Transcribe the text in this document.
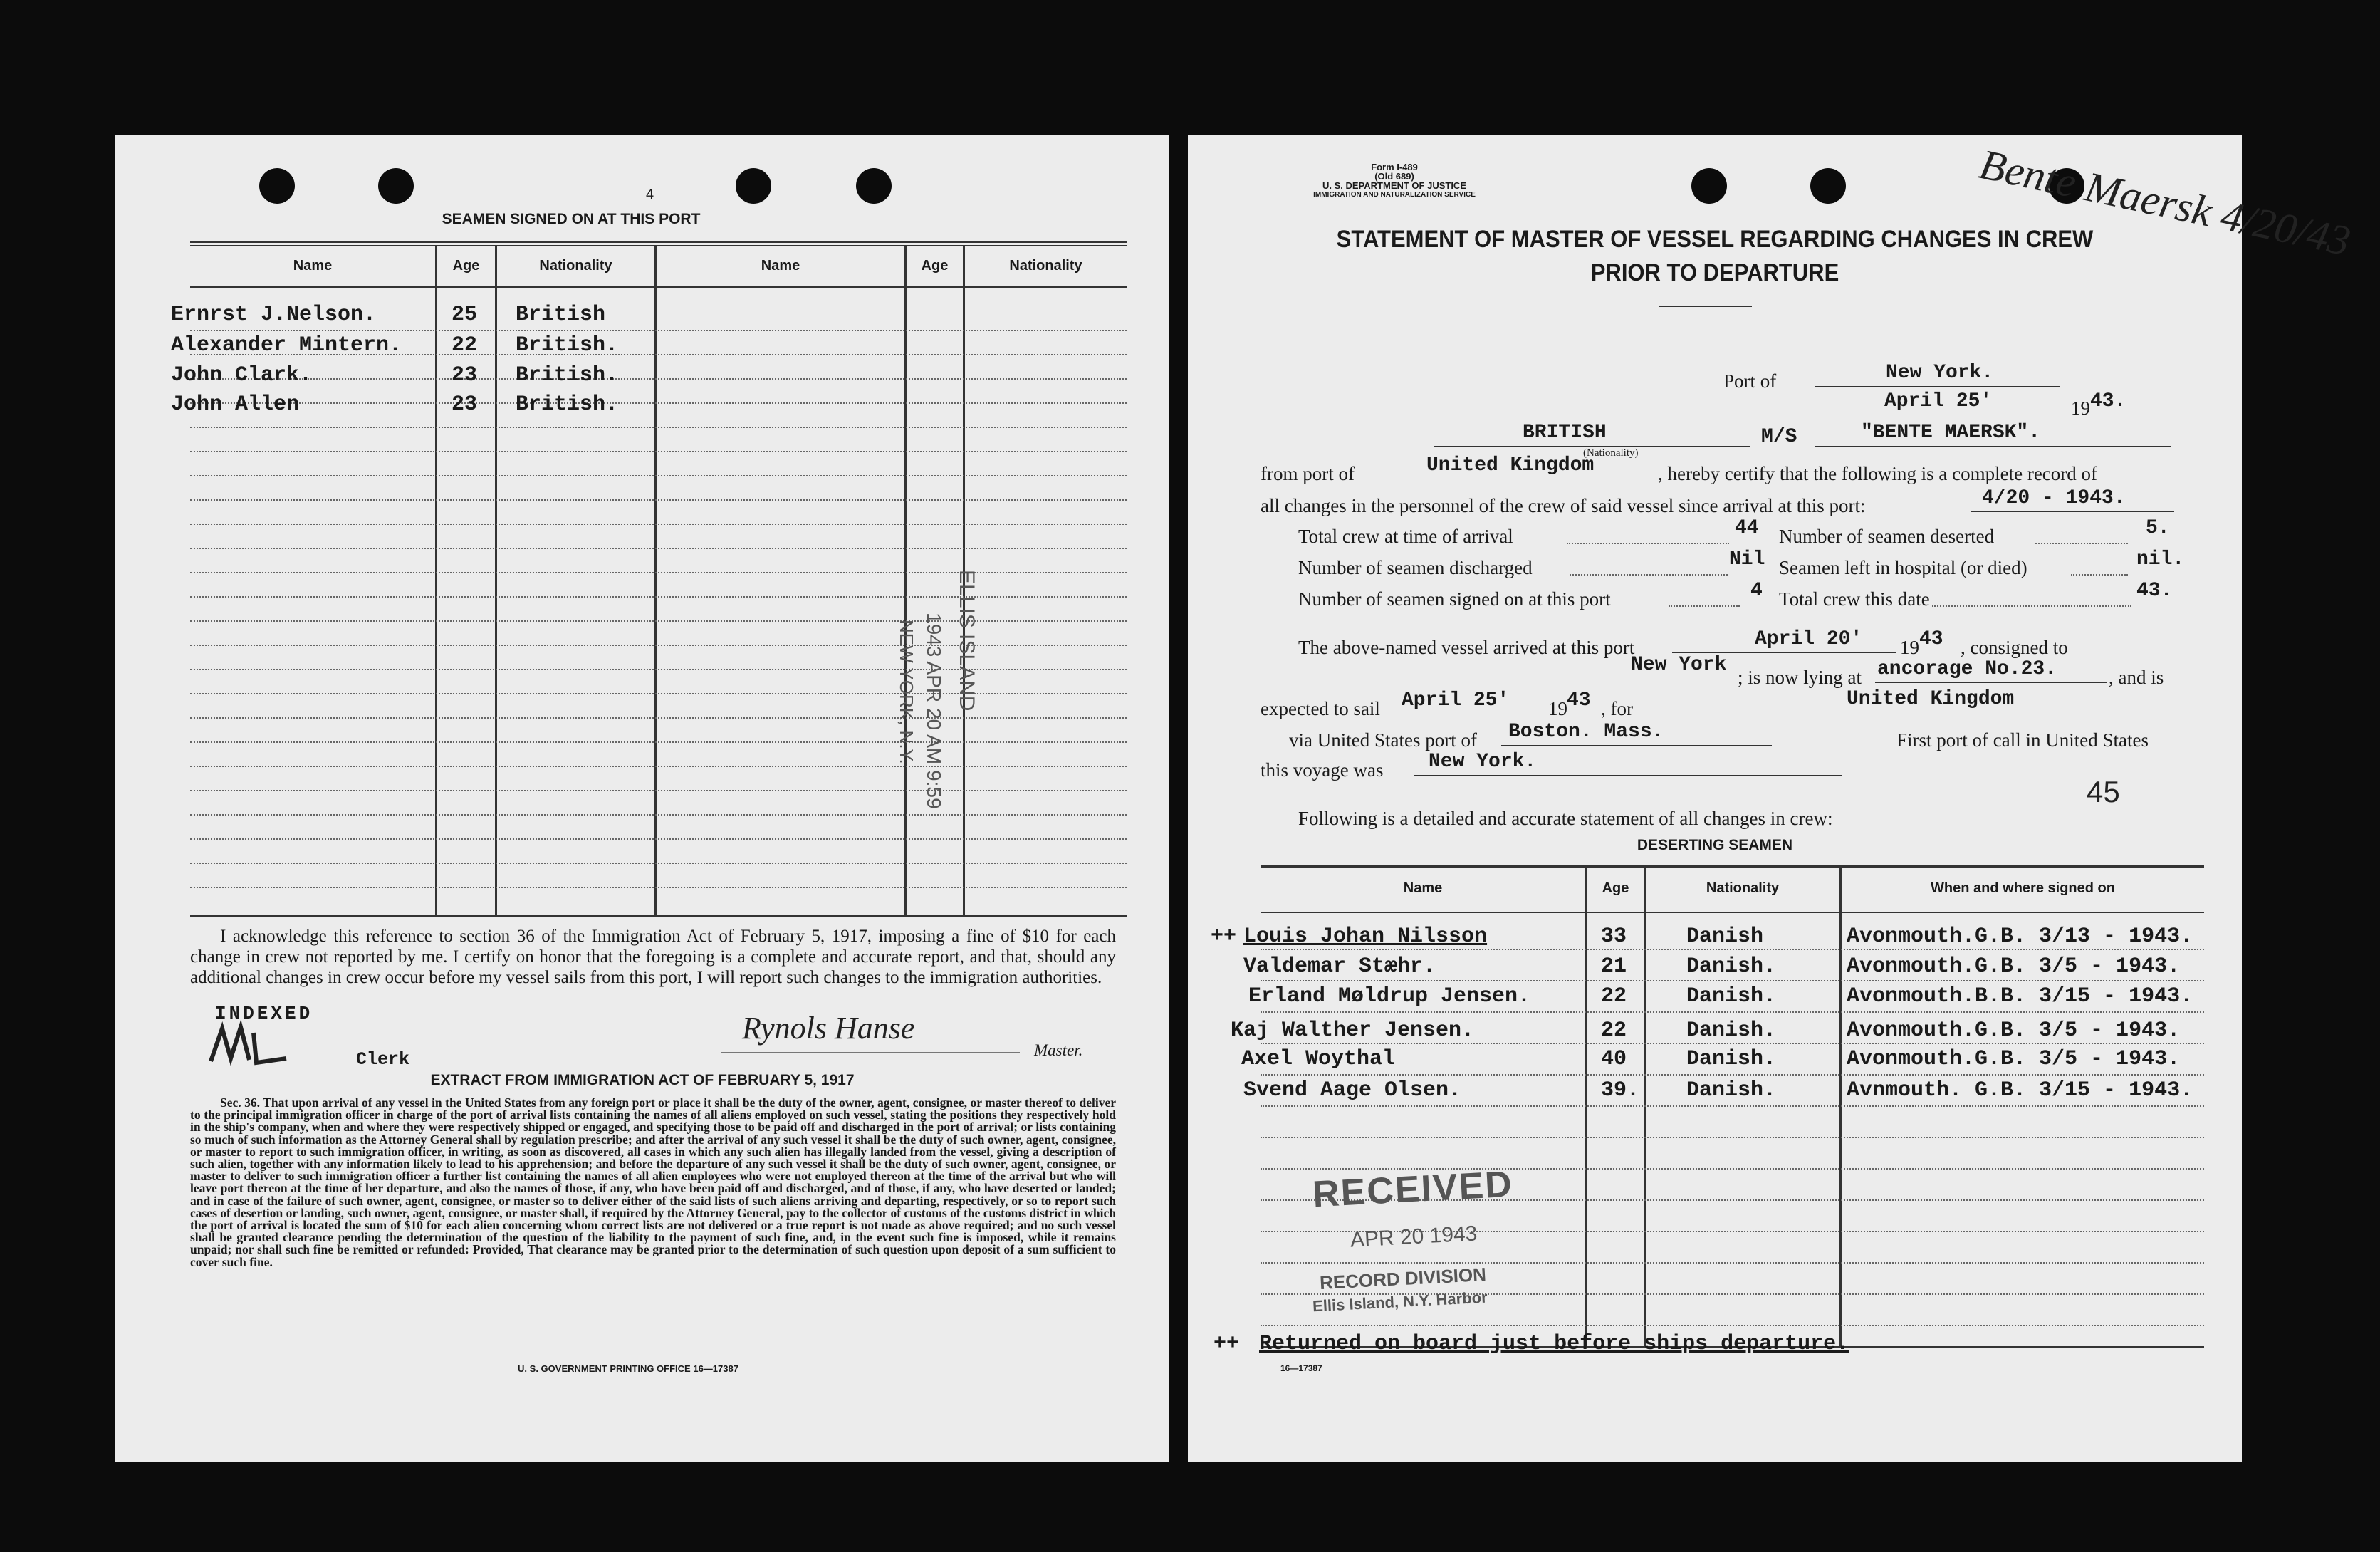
4
SEAMEN SIGNED ON AT THIS PORT
Name	Age	Nationality	Name	Age	Nationality
Ernrst J.Nelson.	25 British
Alexander Mintern. 22 British.
John Clark.	23 British.
John Allen	23 British.
ELLIS ISLAND
1943 APR 20 AM 9:59
NEW YORK, N.Y.
I acknowledge this reference to section 36 of the Immigration Act of February 5, 1917, imposing a fine of $10 for each change in crew not reported by me. I certify on honor that the foregoing is a complete and accurate report, and that, should any additional changes in crew occur before my vessel sails from this port, I will report such changes to the immigration authorities.
INDEXED
Clerk
Rynols Hanse
Master.
EXTRACT FROM IMMIGRATION ACT OF FEBRUARY 5, 1917
Sec. 36. That upon arrival of any vessel in the United States from any foreign port or place it shall be the duty of the owner, agent, consignee, or master thereof to deliver to the principal immigration officer in charge of the port of arrival lists containing the names of all aliens employed on such vessel, stating the positions they respectively hold in the ship's company, when and where they were respectively shipped or engaged, and specifying those to be paid off and discharged in the port of arrival; or lists containing so much of such information as the Attorney General shall by regulation prescribe; and after the arrival of any such vessel it shall be the duty of such owner, agent, consignee, or master to report to such immigration officer, in writing, as soon as discovered, all cases in which any such alien has illegally landed from the vessel, giving a description of such alien, together with any information likely to lead to his apprehension; and before the departure of any such vessel it shall be the duty of such owner, agent, consignee, or master to deliver to such immigration officer a further list containing the names of all alien employees who were not employed thereon at the time of the arrival but who will leave port thereon at the time of her departure, and also the names of those, if any, who have been paid off and discharged, and of those, if any, who have deserted or landed; and in case of the failure of such owner, agent, consignee, or master so to deliver either of the said lists of such aliens arriving and departing, respectively, or so to report such cases of desertion or landing, such owner, agent, consignee, or master shall, if required by the Attorney General, pay to the collector of customs of the customs district in which the port of arrival is located the sum of $10 for each alien concerning whom correct lists are not delivered or a true report is not made as above required; and no such vessel shall be granted clearance pending the determination of the question of the liability to the payment of such fine, and, in the event such fine is imposed, while it remains unpaid; nor shall such fine be remitted or refunded: Provided, That clearance may be granted prior to the determination of such question upon deposit of a sum sufficient to cover such fine.
U. S. GOVERNMENT PRINTING OFFICE 16—17387
Form I-489
(Old 689)
U. S. DEPARTMENT OF JUSTICE
IMMIGRATION AND NATURALIZATION SERVICE	Bente Maersk 4/20/43
STATEMENT OF MASTER OF VESSEL REGARDING CHANGES IN CREW
PRIOR TO DEPARTURE
Port of	New York.
April 25'	19 43.
BRITISH
(Nationality)
M/S	"BENTE MAERSK".
from port of	United Kingdom	, hereby certify that the following is a complete record of
all changes in the personnel of the crew of said vessel since arrival at this port:	4/20 - 1943.
Total crew at time of arrival	44 Number of seamen deserted	5.
Number of seamen discharged	Nil Seamen left in hospital (or died)	nil.
Number of seamen signed on at this port	4 Total crew this date	43.
The above-named vessel arrived at this port	April 20' 19 43 , consigned to
New York
; is now lying at ancorage No.23.	, and is
expected to sail April 25' 19 43 , for	United Kingdom
via United States port of Boston. Mass.	First port of call in United States
this voyage was New York.
45
Following is a detailed and accurate statement of all changes in crew:
DESERTING SEAMEN
Name	Age	Nationality	When and where signed on
++ Louis Johan Nilsson	33	Danish	Avonmouth.G.B. 3/13 - 1943.
Valdemar Stæhr.	21	Danish.	Avonmouth.G.B. 3/5 - 1943.
Erland Møldrup Jensen.	22	Danish.	Avonmouth.B.B. 3/15 - 1943.
Kaj Walther Jensen.	22	Danish.	Avonmouth.G.B. 3/5 - 1943.
Axel Woythal	40	Danish.	Avonmouth.G.B. 3/5 - 1943.
Svend Aage Olsen.	39. Danish.	Avnmouth. G.B. 3/15 - 1943.
RECEIVED
APR 20 1943
RECORD DIVISION
Ellis Island, N.Y. Harbor
++ Returned on board just before ships departure.
16—17387
